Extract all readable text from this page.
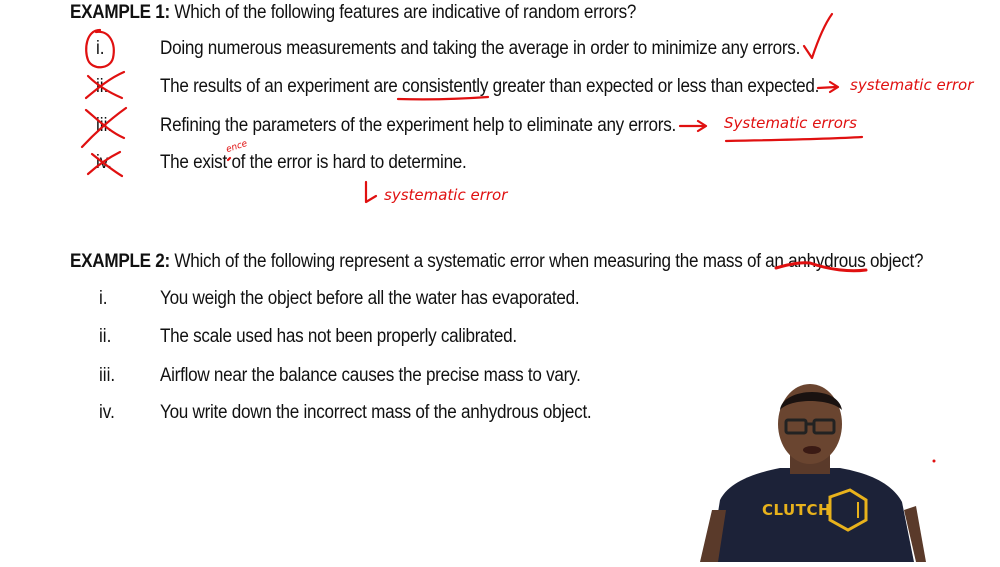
EXAMPLE 1: Which of the following features are indicative of random errors?
i.	Doing numerous measurements and taking the average in order to minimize any errors.
ii.	The results of an experiment are consistently greater than expected or less than expected.
iii.	Refining the parameters of the experiment help to eliminate any errors.
iv.	The exist of the error is hard to determine.
ence
systematic error
Systematic errors
systematic error
EXAMPLE 2: Which of the following represent a systematic error when measuring the mass of an anhydrous object?
i.	You weigh the object before all the water has evaporated.
ii.	The scale used has not been properly calibrated.
iii. Airflow near the balance causes the precise mass to vary.
iv. You write down the incorrect mass of the anhydrous object.
CLUTCH
